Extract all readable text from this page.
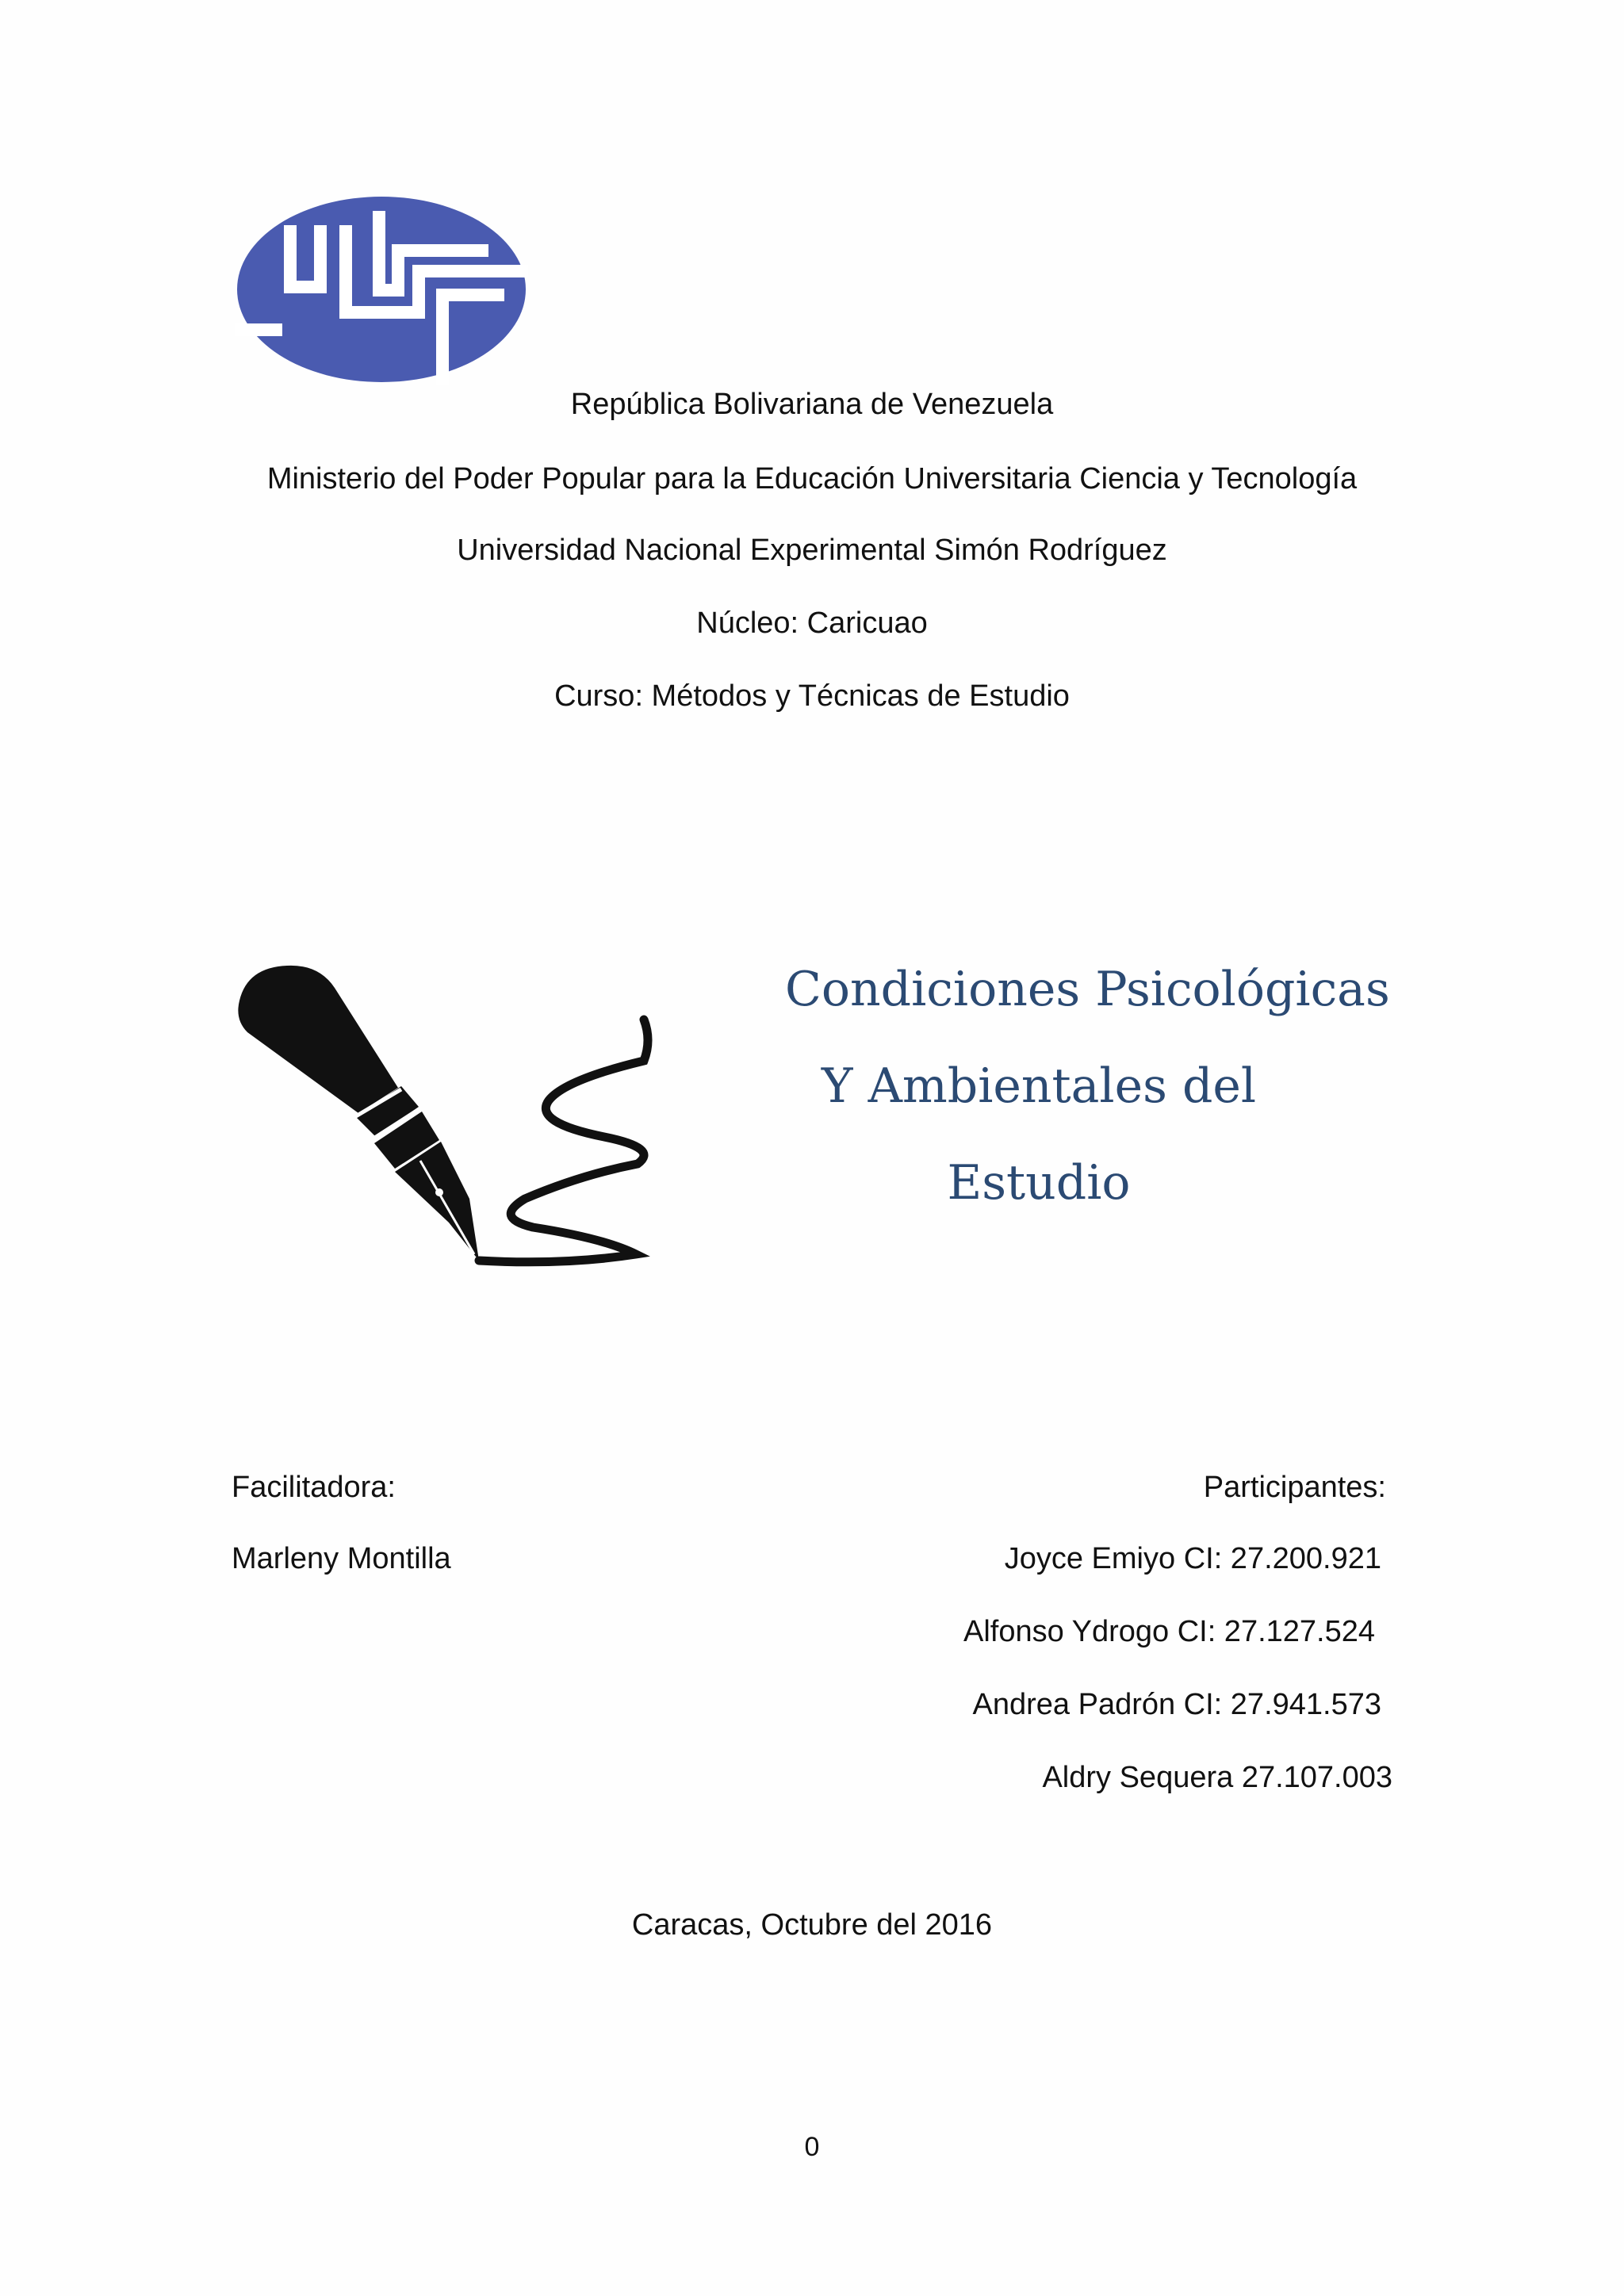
República Bolivariana de Venezuela
Ministerio del Poder Popular para la Educación Universitaria Ciencia y Tecnología
Universidad Nacional Experimental Simón Rodríguez
Núcleo: Caricuao
Curso: Métodos y Técnicas de Estudio
Condiciones Psicológicas
Y Ambientales del
Estudio
Facilitadora:
Marleny Montilla
Participantes:
Joyce Emiyo CI: 27.200.921
Alfonso Ydrogo CI: 27.127.524
Andrea Padrón CI: 27.941.573
Aldry Sequera 27.107.003
Caracas, Octubre del 2016
0
